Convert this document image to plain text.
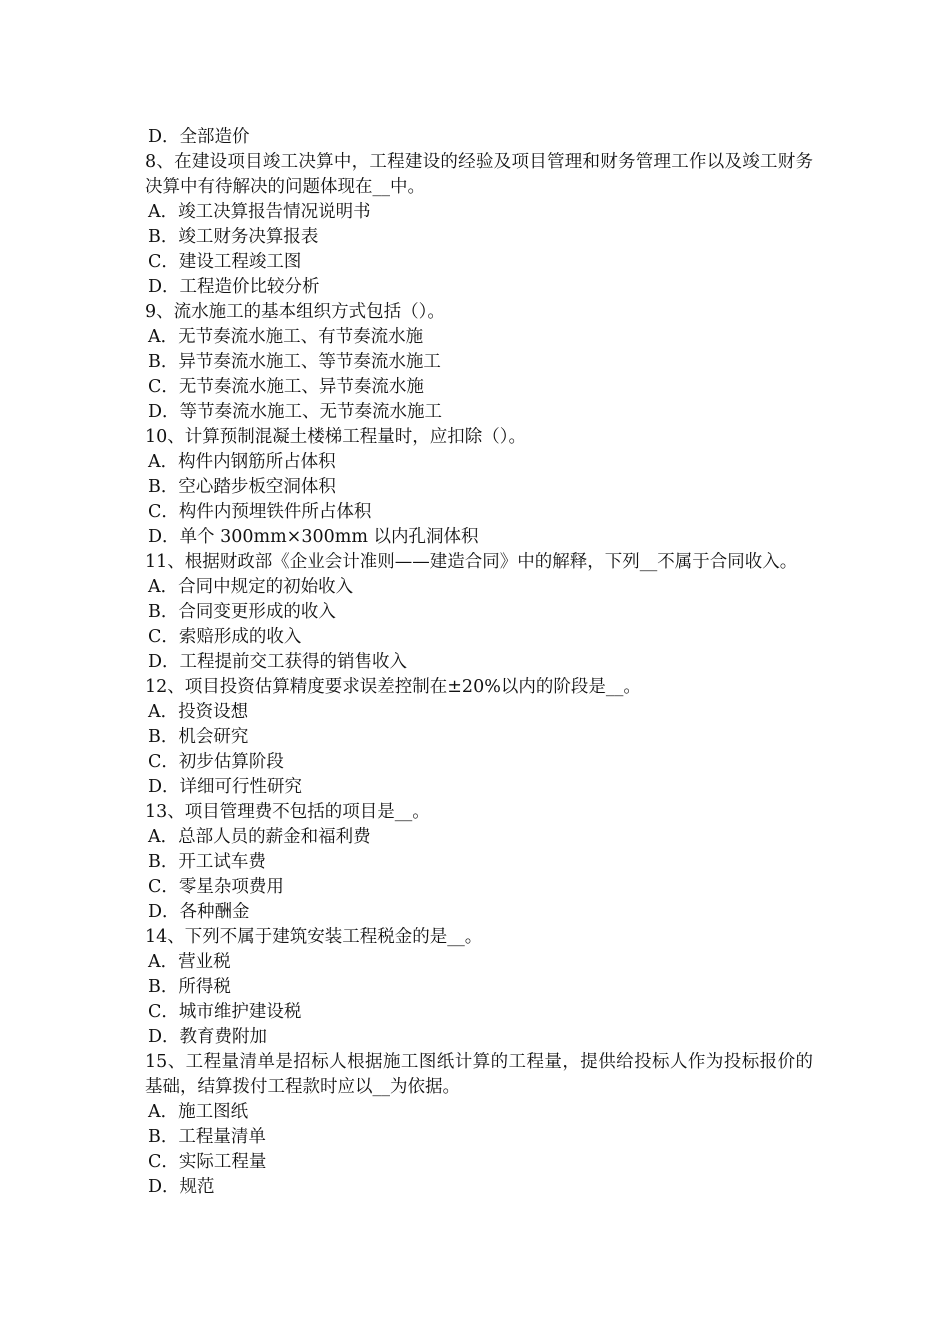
D．全部造价
8、在建设项目竣工决算中，工程建设的经验及项目管理和财务管理工作以及竣工财务决算中有待解决的问题体现在__中。
A．竣工决算报告情况说明书
B．竣工财务决算报表
C．建设工程竣工图
D．工程造价比较分析
9、流水施工的基本组织方式包括（）。
A．无节奏流水施工、有节奏流水施
B．异节奏流水施工、等节奏流水施工
C．无节奏流水施工、异节奏流水施
D．等节奏流水施工、无节奏流水施工
10、计算预制混凝土楼梯工程量时，应扣除（）。
A．构件内钢筋所占体积
B．空心踏步板空洞体积
C．构件内预埋铁件所占体积
D．单个 300mm×300mm 以内孔洞体积
11、根据财政部《企业会计准则——建造合同》中的解释，下列__不属于合同收入。
A．合同中规定的初始收入
B．合同变更形成的收入
C．索赔形成的收入
D．工程提前交工获得的销售收入
12、项目投资估算精度要求误差控制在±20%以内的阶段是__。
A．投资设想
B．机会研究
C．初步估算阶段
D．详细可行性研究
13、项目管理费不包括的项目是__。
A．总部人员的薪金和福利费
B．开工试车费
C．零星杂项费用
D．各种酬金
14、下列不属于建筑安装工程税金的是__。
A．营业税
B．所得税
C．城市维护建设税
D．教育费附加
15、工程量清单是招标人根据施工图纸计算的工程量，提供给投标人作为投标报价的基础，结算拨付工程款时应以__为依据。
A．施工图纸
B．工程量清单
C．实际工程量
D．规范
